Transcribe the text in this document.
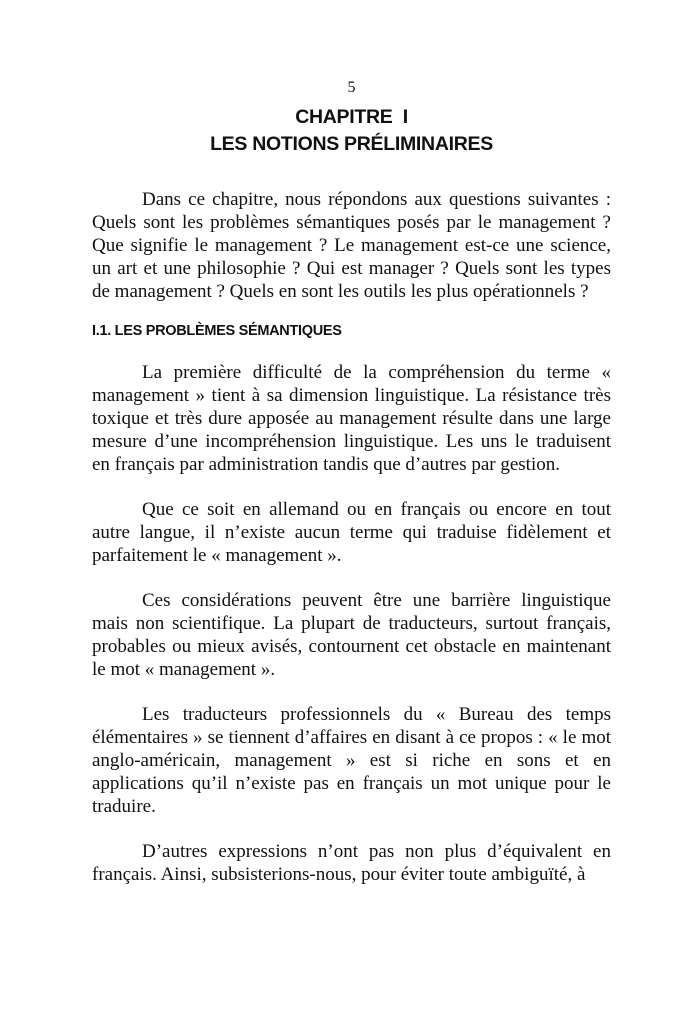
5
CHAPITRE  I
LES NOTIONS PRÉLIMINAIRES

Dans ce chapitre, nous répondons aux questions suivantes : Quels sont les problèmes sémantiques posés par le management ? Que signifie le management ? Le management est-ce une science, un art et une philosophie ? Qui est manager ? Quels sont les types de management ? Quels en sont les outils les plus opérationnels ?

I.1. LES PROBLÈMES SÉMANTIQUES

La première difficulté de la compréhension du terme « management » tient à sa dimension linguistique. La résistance très toxique et très dure apposée au management résulte dans une large mesure d’une incompréhension linguistique. Les uns le traduisent en français par administration tandis que d’autres par gestion.

Que ce soit en allemand ou en français ou encore en tout autre langue, il n’existe aucun terme qui traduise fidèlement et parfaitement le « management ».

Ces considérations peuvent être une barrière linguistique mais non scientifique. La plupart de traducteurs, surtout français, probables ou mieux avisés, contournent cet obstacle en maintenant le mot « management ».

Les traducteurs professionnels du « Bureau des temps élémentaires » se tiennent d’affaires en disant à ce propos : « le mot anglo-américain, management » est si riche en sons et en applications qu’il n’existe pas en français un mot unique pour le traduire.

D’autres expressions n’ont pas non plus d’équivalent en français. Ainsi, subsisterions-nous, pour éviter toute ambiguïté, à
